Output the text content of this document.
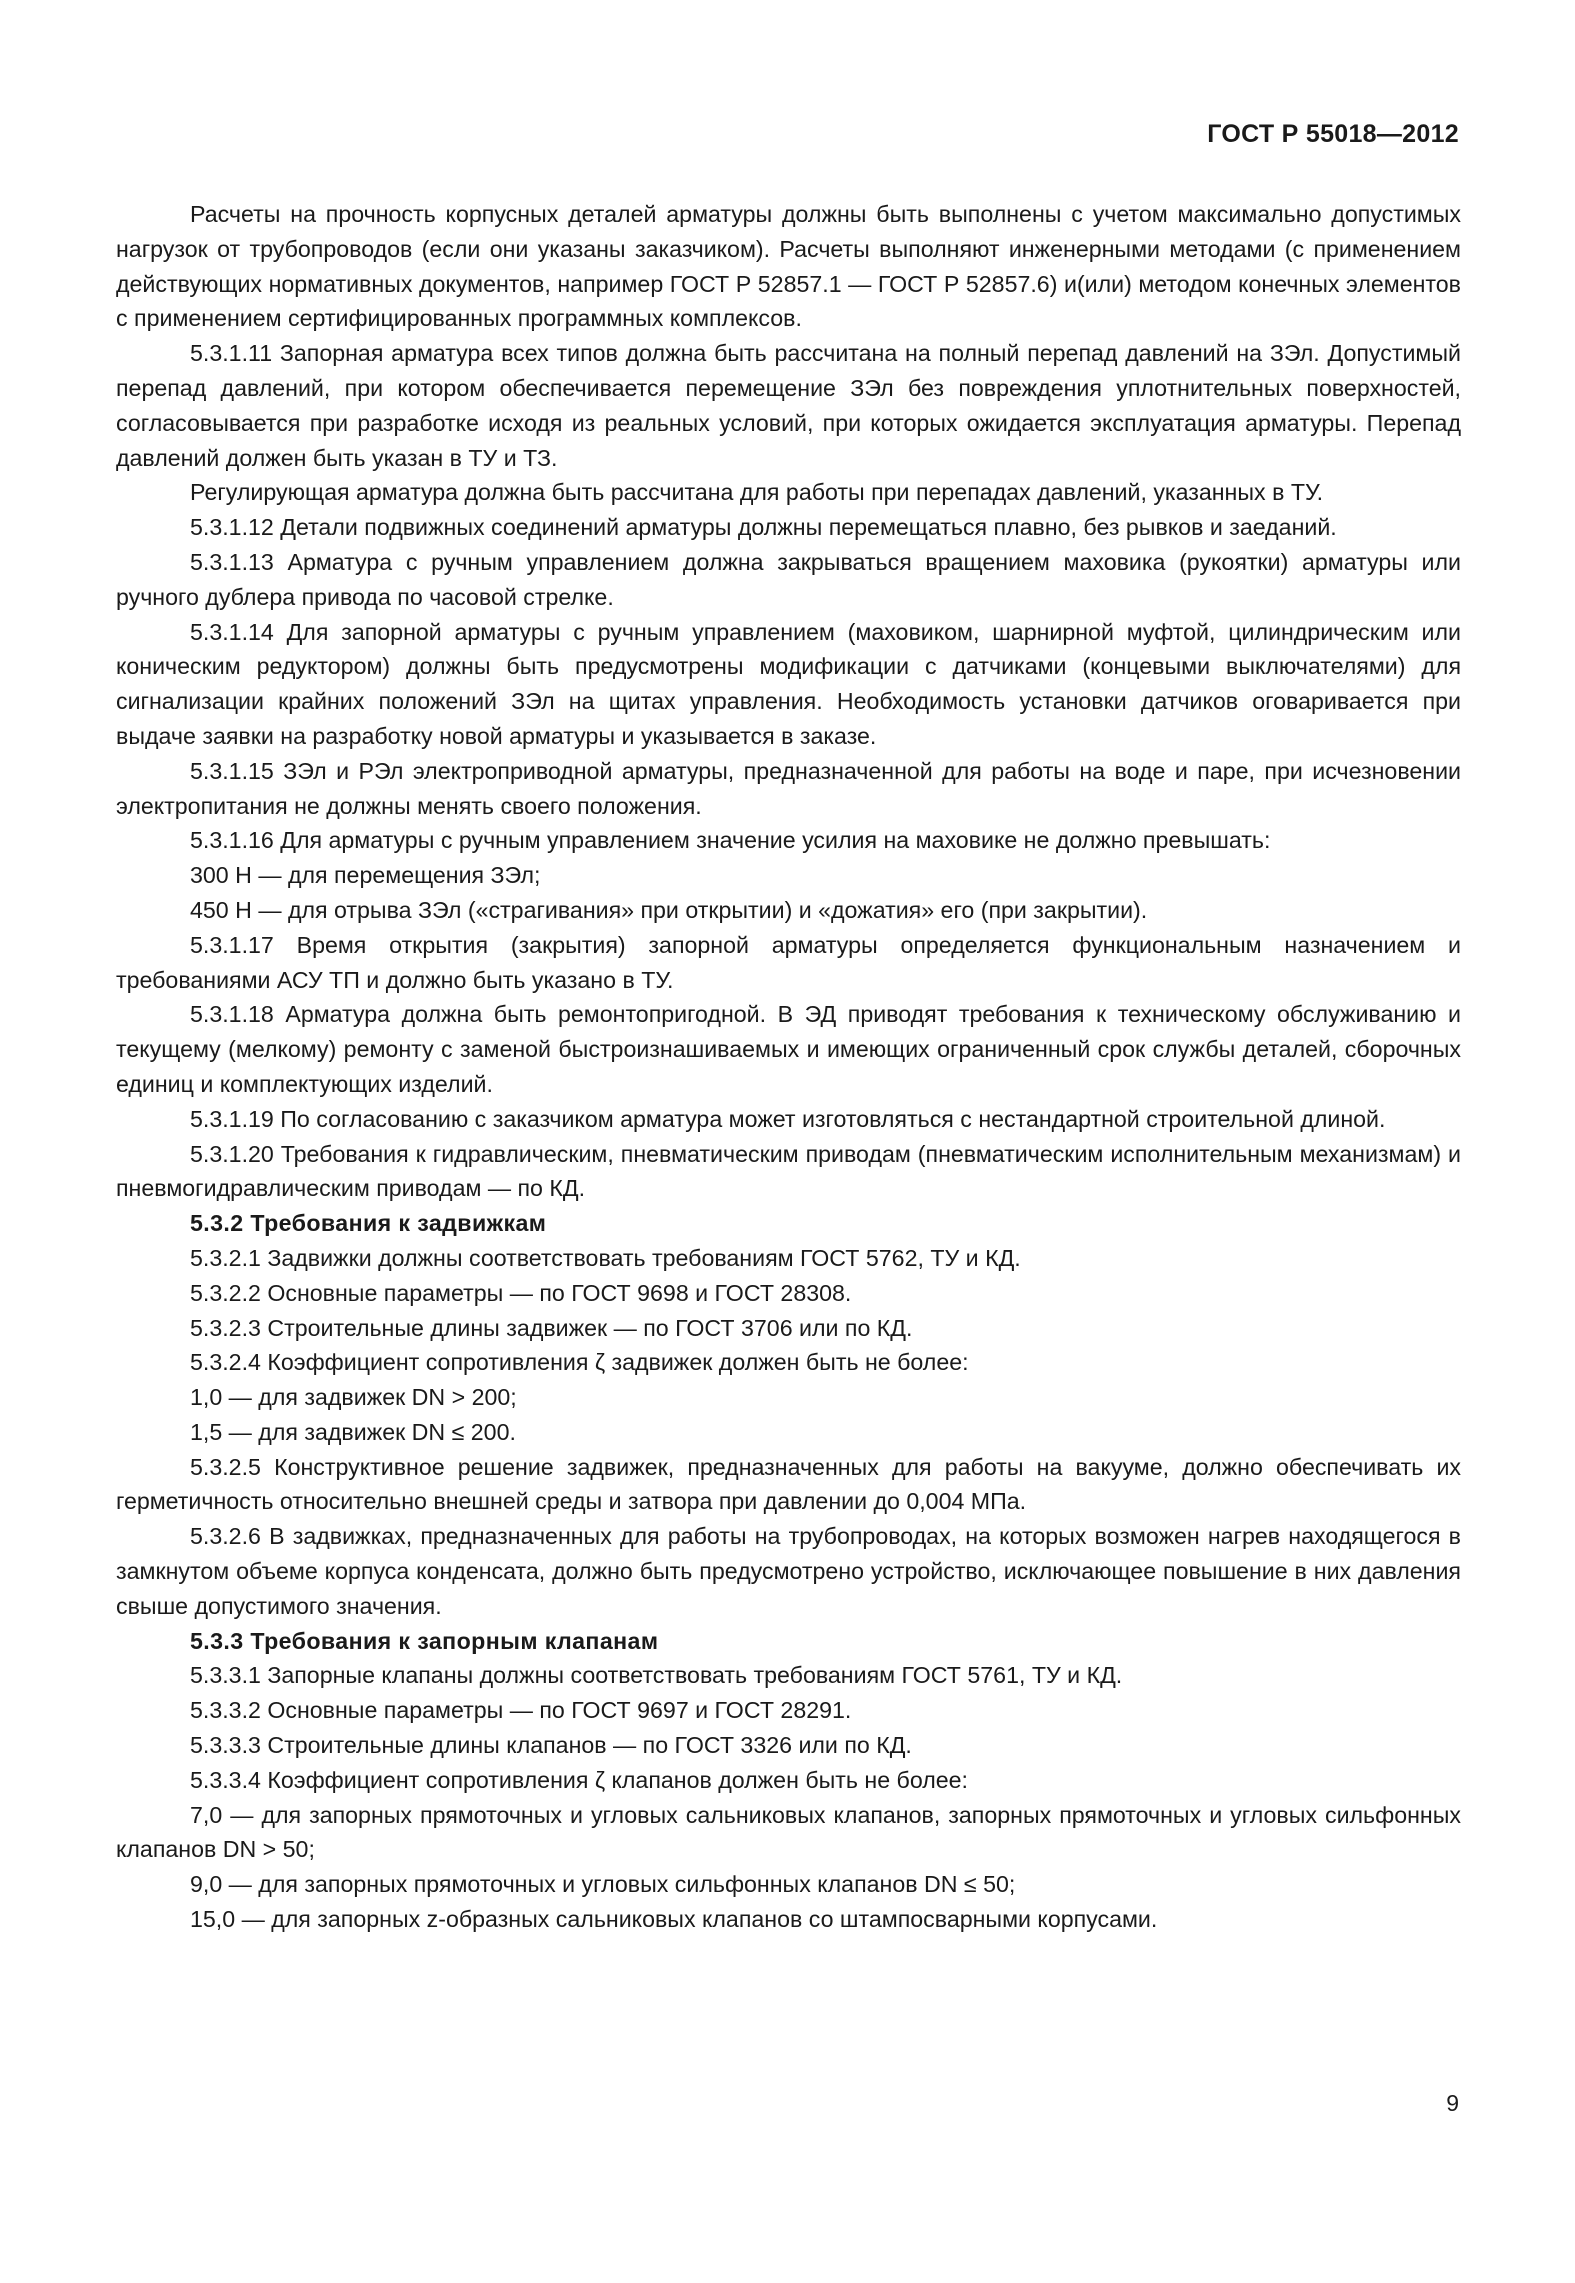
ГОСТ Р 55018—2012

Расчеты на прочность корпусных деталей арматуры должны быть выполнены с учетом максимально допустимых нагрузок от трубопроводов (если они указаны заказчиком). Расчеты выполняют инженерными методами (с применением действующих нормативных документов, например ГОСТ Р 52857.1 — ГОСТ Р 52857.6) и(или) методом конечных элементов с применением сертифицированных программных комплексов.

5.3.1.11 Запорная арматура всех типов должна быть рассчитана на полный перепад давлений на ЗЭл. Допустимый перепад давлений, при котором обеспечивается перемещение ЗЭл без повреждения уплотнительных поверхностей, согласовывается при разработке исходя из реальных условий, при которых ожидается эксплуатация арматуры. Перепад давлений должен быть указан в ТУ и ТЗ.

Регулирующая арматура должна быть рассчитана для работы при перепадах давлений, указанных в ТУ.

5.3.1.12 Детали подвижных соединений арматуры должны перемещаться плавно, без рывков и заеданий.

5.3.1.13 Арматура с ручным управлением должна закрываться вращением маховика (рукоятки) арматуры или ручного дублера привода по часовой стрелке.

5.3.1.14 Для запорной арматуры с ручным управлением (маховиком, шарнирной муфтой, цилиндрическим или коническим редуктором) должны быть предусмотрены модификации с датчиками (концевыми выключателями) для сигнализации крайних положений ЗЭл на щитах управления. Необходимость установки датчиков оговаривается при выдаче заявки на разработку новой арматуры и указывается в заказе.

5.3.1.15 ЗЭл и РЭл электроприводной арматуры, предназначенной для работы на воде и паре, при исчезновении электропитания не должны менять своего положения.

5.3.1.16 Для арматуры с ручным управлением значение усилия на маховике не должно превышать:

300 Н — для перемещения ЗЭл;

450 Н — для отрыва ЗЭл («страгивания» при открытии) и «дожатия» его (при закрытии).

5.3.1.17 Время открытия (закрытия) запорной арматуры определяется функциональным назначением и требованиями АСУ ТП и должно быть указано в ТУ.

5.3.1.18 Арматура должна быть ремонтопригодной. В ЭД приводят требования к техническому обслуживанию и текущему (мелкому) ремонту с заменой быстроизнашиваемых и имеющих ограниченный срок службы деталей, сборочных единиц и комплектующих изделий.

5.3.1.19 По согласованию с заказчиком арматура может изготовляться с нестандартной строительной длиной.

5.3.1.20 Требования к гидравлическим, пневматическим приводам (пневматическим исполнительным механизмам) и пневмогидравлическим приводам — по КД.

5.3.2 Требования к задвижкам

5.3.2.1 Задвижки должны соответствовать требованиям ГОСТ 5762, ТУ и КД.

5.3.2.2 Основные параметры — по ГОСТ 9698 и ГОСТ 28308.

5.3.2.3 Строительные длины задвижек — по ГОСТ 3706 или по КД.

5.3.2.4 Коэффициент сопротивления ζ задвижек должен быть не более:

1,0 — для задвижек DN > 200;

1,5 — для задвижек DN ≤ 200.

5.3.2.5 Конструктивное решение задвижек, предназначенных для работы на вакууме, должно обеспечивать их герметичность относительно внешней среды и затвора при давлении до 0,004 МПа.

5.3.2.6 В задвижках, предназначенных для работы на трубопроводах, на которых возможен нагрев находящегося в замкнутом объеме корпуса конденсата, должно быть предусмотрено устройство, исключающее повышение в них давления свыше допустимого значения.

5.3.3 Требования к запорным клапанам

5.3.3.1 Запорные клапаны должны соответствовать требованиям ГОСТ 5761, ТУ и КД.

5.3.3.2 Основные параметры — по ГОСТ 9697 и ГОСТ 28291.

5.3.3.3 Строительные длины клапанов — по ГОСТ 3326 или по КД.

5.3.3.4 Коэффициент сопротивления ζ клапанов должен быть не более:

7,0 — для запорных прямоточных и угловых сальниковых клапанов, запорных прямоточных и угловых сильфонных клапанов DN > 50;

9,0 — для запорных прямоточных и угловых сильфонных клапанов DN ≤ 50;

15,0 — для запорных z-образных сальниковых клапанов со штампосварными корпусами.

9
